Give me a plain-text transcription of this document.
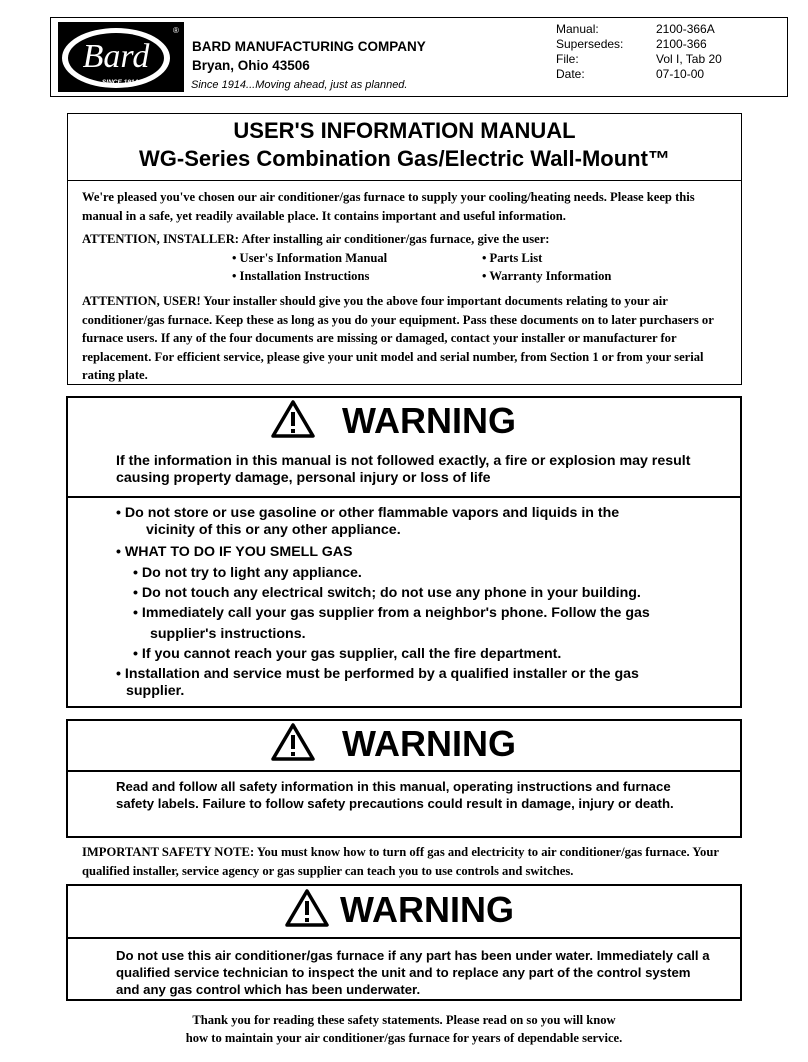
Bard
SINCE 1914
®
BARD MANUFACTURING COMPANY
Bryan, Ohio 43506
Since 1914...Moving ahead, just as planned.
Manual:	2100-366A
Supersedes:	2100-366
File:	Vol I, Tab 20
Date:	07-10-00
USER'S INFORMATION MANUAL
WG-Series Combination Gas/Electric Wall-Mount™
We're pleased you've chosen our air conditioner/gas furnace to supply your cooling/heating needs. Please keep this manual in a safe, yet readily available place. It contains important and useful information.
ATTENTION, INSTALLER: After installing air conditioner/gas furnace, give the user:
• User's Information Manual	• Parts List
• Installation Instructions	• Warranty Information
ATTENTION, USER! Your installer should give you the above four important documents relating to your air conditioner/gas furnace. Keep these as long as you do your equipment. Pass these documents on to later purchasers or furnace users. If any of the four documents are missing or damaged, contact your installer or manufacturer for replacement. For efficient service, please give your unit model and serial number, from Section 1 or from your serial rating plate.
WARNING
If the information in this manual is not followed exactly, a fire or explosion may result causing property damage, personal injury or loss of life
• Do not store or use gasoline or other flammable vapors and liquids in the
vicinity of this or any other appliance.
• WHAT TO DO IF YOU SMELL GAS
• Do not try to light any appliance.
• Do not touch any electrical switch; do not use any phone in your building.
• Immediately call your gas supplier from a neighbor's phone. Follow the gas
supplier's instructions.
• If you cannot reach your gas supplier, call the fire department.
• Installation and service must be performed by a qualified installer or the gas
supplier.
WARNING
Read and follow all safety information in this manual, operating instructions and furnace safety labels. Failure to follow safety precautions could result in damage, injury or death.
IMPORTANT SAFETY NOTE: You must know how to turn off gas and electricity to air conditioner/gas furnace. Your qualified installer, service agency or gas supplier can teach you to use controls and switches.
WARNING
Do not use this air conditioner/gas furnace if any part has been under water. Immediately call a qualified service technician to inspect the unit and to replace any part of the control system and any gas control which has been underwater.
Thank you for reading these safety statements. Please read on so you will know
how to maintain your air conditioner/gas furnace for years of dependable service.
